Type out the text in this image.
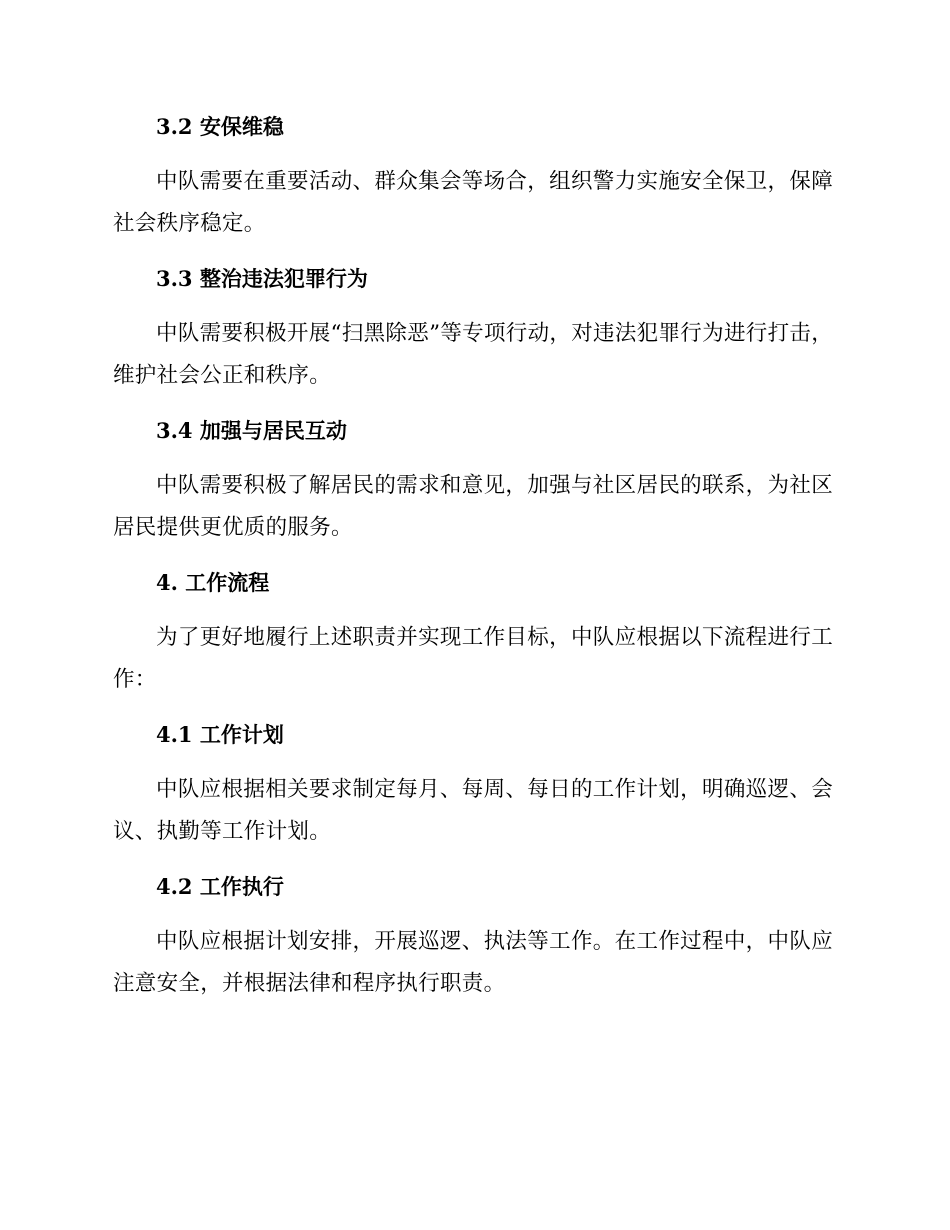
3.2 安保维稳
中队需要在重要活动、群众集会等场合，组织警力实施安全保卫，保障社会秩序稳定。
3.3 整治违法犯罪行为
中队需要积极开展“扫黑除恶”等专项行动，对违法犯罪行为进行打击，维护社会公正和秩序。
3.4 加强与居民互动
中队需要积极了解居民的需求和意见，加强与社区居民的联系，为社区居民提供更优质的服务。
4. 工作流程
为了更好地履行上述职责并实现工作目标，中队应根据以下流程进行工作：
4.1 工作计划
中队应根据相关要求制定每月、每周、每日的工作计划，明确巡逻、会议、执勤等工作计划。
4.2 工作执行
中队应根据计划安排，开展巡逻、执法等工作。在工作过程中，中队应注意安全，并根据法律和程序执行职责。
